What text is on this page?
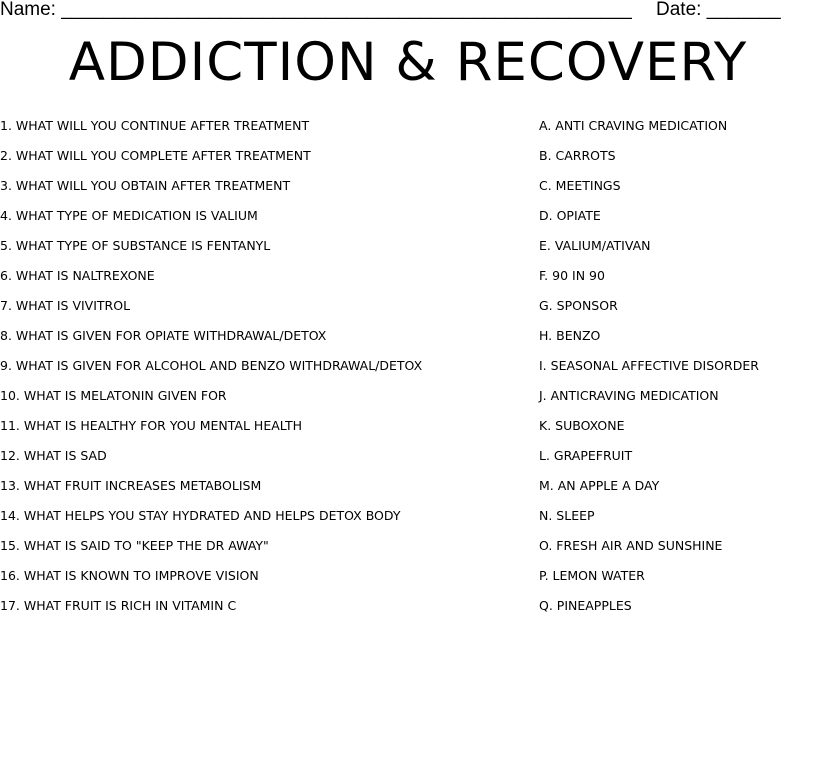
Name: ______________________________________________________ Date: _______
ADDICTION & RECOVERY
1. WHAT WILL YOU CONTINUE AFTER TREATMENT
2. WHAT WILL YOU COMPLETE AFTER TREATMENT
3. WHAT WILL YOU OBTAIN AFTER TREATMENT
4. WHAT TYPE OF MEDICATION IS VALIUM
5. WHAT TYPE OF SUBSTANCE IS FENTANYL
6. WHAT IS NALTREXONE
7. WHAT IS VIVITROL
8. WHAT IS GIVEN FOR OPIATE WITHDRAWAL/DETOX
9. WHAT IS GIVEN FOR ALCOHOL AND BENZO WITHDRAWAL/DETOX
10. WHAT IS MELATONIN GIVEN FOR
11. WHAT IS HEALTHY FOR YOU MENTAL HEALTH
12. WHAT IS SAD
13. WHAT FRUIT INCREASES METABOLISM
14. WHAT HELPS YOU STAY HYDRATED AND HELPS DETOX BODY
15. WHAT IS SAID TO "KEEP THE DR AWAY"
16. WHAT IS KNOWN TO IMPROVE VISION
17. WHAT FRUIT IS RICH IN VITAMIN C
A. ANTI CRAVING MEDICATION
B. CARROTS
C. MEETINGS
D. OPIATE
E. VALIUM/ATIVAN
F. 90 IN 90
G. SPONSOR
H. BENZO
I. SEASONAL AFFECTIVE DISORDER
J. ANTICRAVING MEDICATION
K. SUBOXONE
L. GRAPEFRUIT
M. AN APPLE A DAY
N. SLEEP
O. FRESH AIR AND SUNSHINE
P. LEMON WATER
Q. PINEAPPLES
